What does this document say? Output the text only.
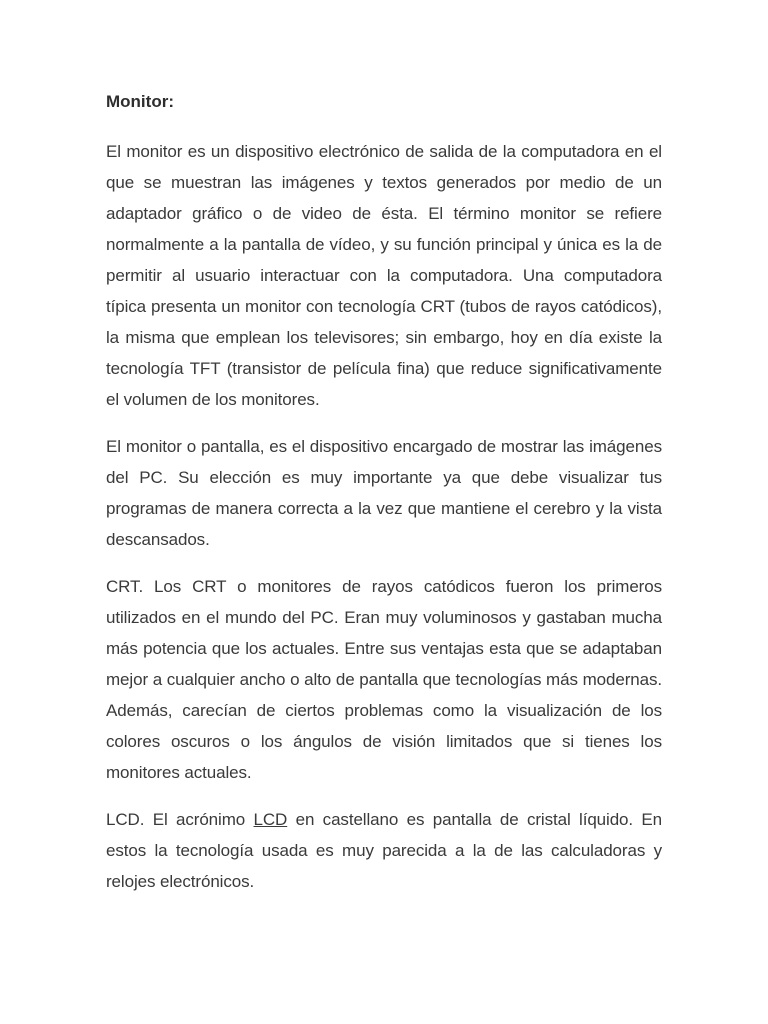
Monitor:

El monitor es un dispositivo electrónico de salida de la computadora en el que se muestran las imágenes y textos generados por medio de un adaptador gráfico o de video de ésta. El término monitor se refiere normalmente a la pantalla de vídeo, y su función principal y única es la de permitir al usuario interactuar con la computadora. Una computadora típica presenta un monitor con tecnología CRT (tubos de rayos catódicos), la misma que emplean los televisores; sin embargo, hoy en día existe la tecnología TFT (transistor de película fina) que reduce significativamente el volumen de los monitores.

El monitor o pantalla, es el dispositivo encargado de mostrar las imágenes del PC. Su elección es muy importante ya que debe visualizar tus programas de manera correcta a la vez que mantiene el cerebro y la vista descansados.

CRT. Los CRT o monitores de rayos catódicos fueron los primeros utilizados en el mundo del PC. Eran muy voluminosos y gastaban mucha más potencia que los actuales. Entre sus ventajas esta que se adaptaban mejor a cualquier ancho o alto de pantalla que tecnologías más modernas. Además, carecían de ciertos problemas como la visualización de los colores oscuros o los ángulos de visión limitados que si tienes los monitores actuales.

LCD. El acrónimo LCD en castellano es pantalla de cristal líquido. En estos la tecnología usada es muy parecida a la de las calculadoras y relojes electrónicos.
